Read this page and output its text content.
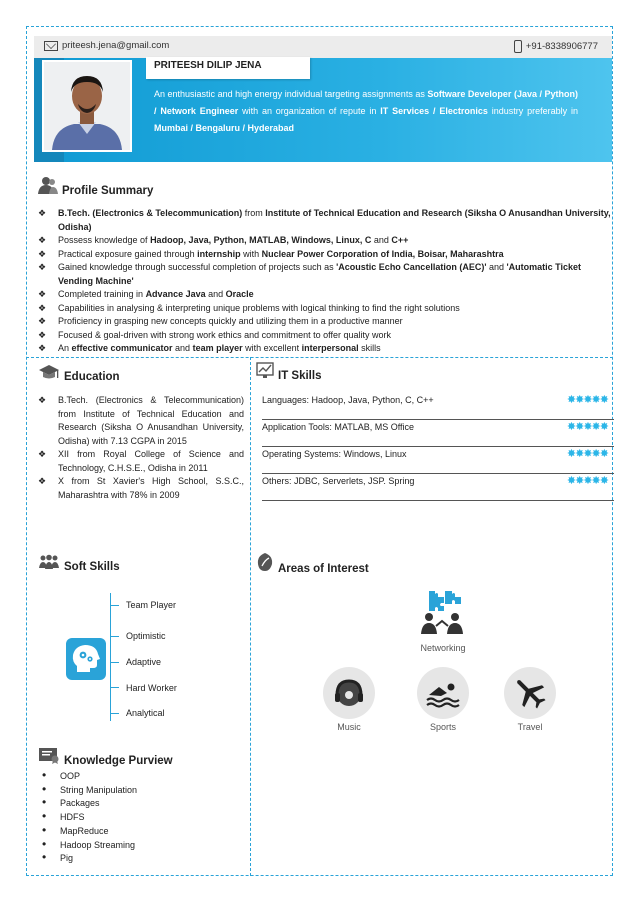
priteesh.jena@gmail.com	+91-8338906777
PRITEESH DILIP JENA
An enthusiastic and high energy individual targeting assignments as Software Developer (Java / Python) / Network Engineer with an organization of repute in IT Services / Electronics industry preferably in Mumbai / Bengaluru / Hyderabad
Profile Summary
❖ B.Tech. (Electronics & Telecommunication) from Institute of Technical Education and Research (Siksha O Anusandhan University, Odisha)
❖ Possess knowledge of Hadoop, Java, Python, MATLAB, Windows, Linux, C and C++
❖ Practical exposure gained through internship with Nuclear Power Corporation of India, Boisar, Maharashtra
❖ Gained knowledge through successful completion of projects such as 'Acoustic Echo Cancellation (AEC)' and 'Automatic Ticket Vending Machine'
❖ Completed training in Advance Java and Oracle
❖ Capabilities in analysing & interpreting unique problems with logical thinking to find the right solutions
❖ Proficiency in grasping new concepts quickly and utilizing them in a productive manner
❖ Focused & goal-driven with strong work ethics and commitment to offer quality work
❖ An effective communicator and team player with excellent interpersonal skills
Education
❖ B.Tech. (Electronics & Telecommunication) from Institute of Technical Education and Research (Siksha O Anusandhan University, Odisha) with 7.13 CGPA in 2015
❖ XII from Royal College of Science and Technology, C.H.S.E., Odisha in 2011
❖ X from St Xavier's High School, S.S.C., Maharashtra with 78% in 2009
IT Skills
Languages: Hadoop, Java, Python, C, C++	✸✸✸✸✸
Application Tools: MATLAB, MS Office	✸✸✸✸✸
Operating Systems: Windows, Linux	✸✸✸✸✸
Others: JDBC, Serverlets, JSP. Spring	✸✸✸✸✸
Soft Skills
Team Player
Optimistic
Adaptive
Hard Worker
Analytical
Areas of Interest
Networking
Music	Sports	Travel
Knowledge Purview
• OOP
• String Manipulation
• Packages
• HDFS
• MapReduce
• Hadoop Streaming
• Pig
